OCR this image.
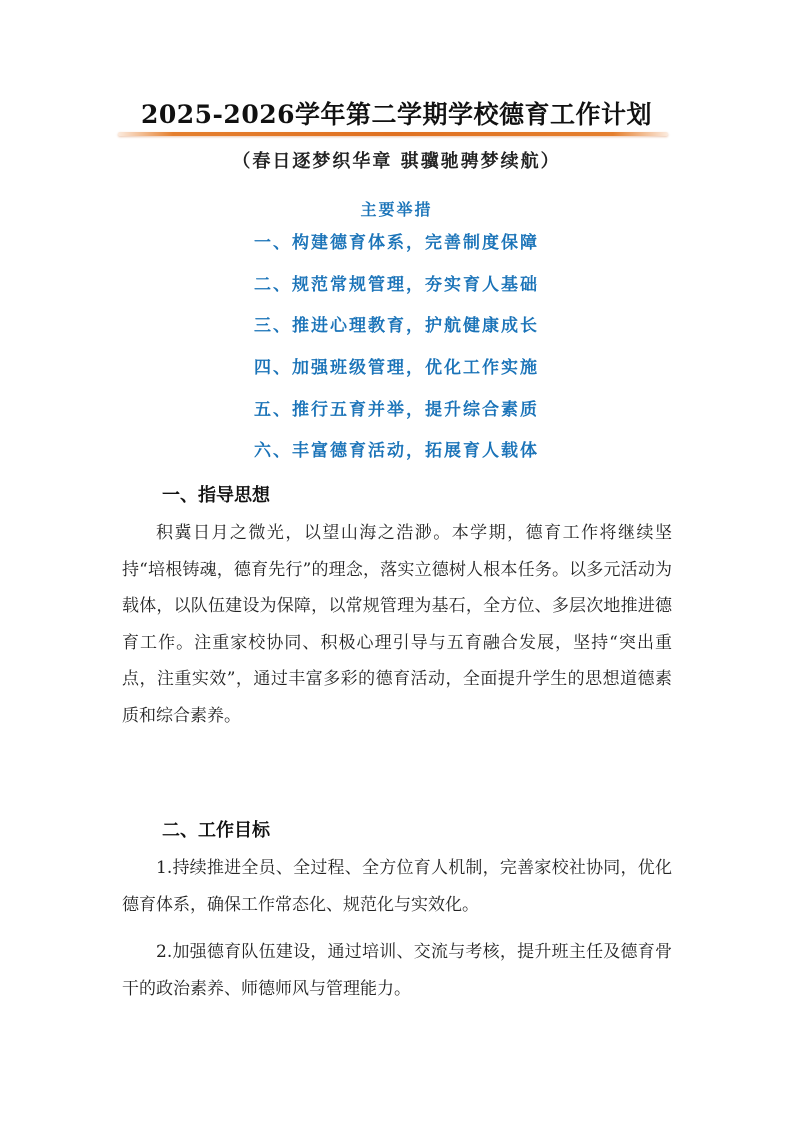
2025-2026学年第二学期学校德育工作计划
（春日逐梦织华章 骐骥驰骋梦续航）
主要举措
一、构建德育体系，完善制度保障
二、规范常规管理，夯实育人基础
三、推进心理教育，护航健康成长
四、加强班级管理，优化工作实施
五、推行五育并举，提升综合素质
六、丰富德育活动，拓展育人载体
一、指导思想

积冀日月之微光，以望山海之浩渺。本学期，德育工作将继续坚持“培根铸魂，德育先行”的理念，落实立德树人根本任务。以多元活动为载体，以队伍建设为保障，以常规管理为基石，全方位、多层次地推进德育工作。注重家校协同、积极心理引导与五育融合发展，坚持“突出重点，注重实效”，通过丰富多彩的德育活动，全面提升学生的思想道德素质和综合素养。

二、工作目标

1.持续推进全员、全过程、全方位育人机制，完善家校社协同，优化德育体系，确保工作常态化、规范化与实效化。

2.加强德育队伍建设，通过培训、交流与考核，提升班主任及德育骨干的政治素养、师德师风与管理能力。
